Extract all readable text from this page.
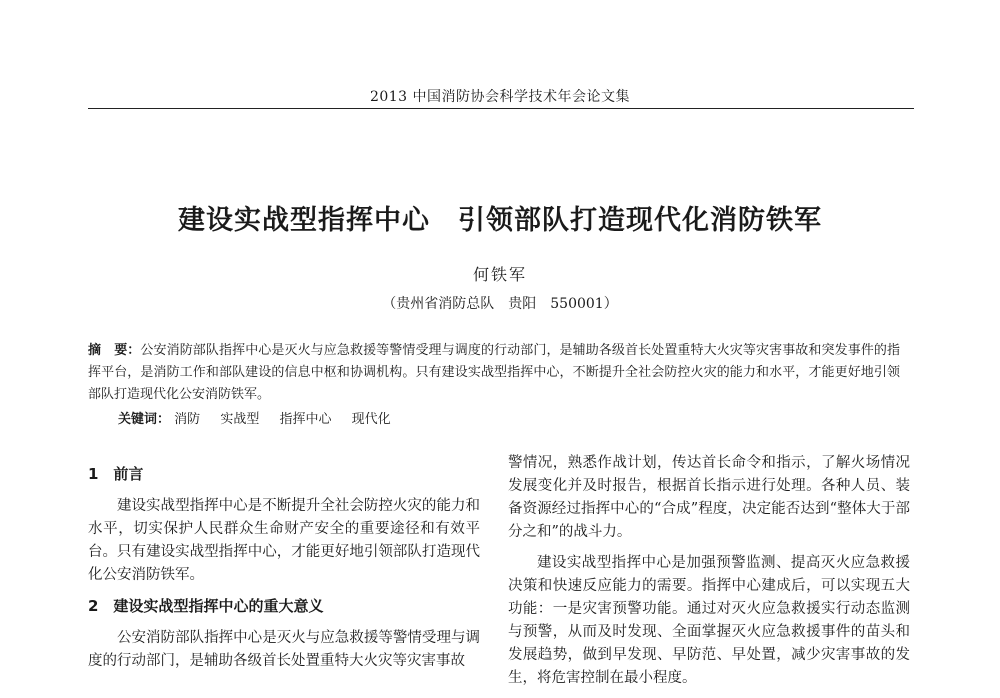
2013 中国消防协会科学技术年会论文集
建设实战型指挥中心　引领部队打造现代化消防铁军
何铁军
（贵州省消防总队　贵阳　550001）
摘　要：公安消防部队指挥中心是灭火与应急救援等警情受理与调度的行动部门，是辅助各级首长处置重特大火灾等灾害事故和突发事件的指挥平台，是消防工作和部队建设的信息中枢和协调机构。只有建设实战型指挥中心，不断提升全社会防控火灾的能力和水平，才能更好地引领部队打造现代化公安消防铁军。
关键词： 消防 实战型 指挥中心 现代化
1　前言

建设实战型指挥中心是不断提升全社会防控火灾的能力和水平，切实保护人民群众生命财产安全的重要途径和有效平台。只有建设实战型指挥中心，才能更好地引领部队打造现代化公安消防铁军。

2　建设实战型指挥中心的重大意义

公安消防部队指挥中心是灭火与应急救援等警情受理与调度的行动部门，是辅助各级首长处置重特大火灾等灾害事故

警情况，熟悉作战计划，传达首长命令和指示，了解火场情况发展变化并及时报告，根据首长指示进行处理。各种人员、装备资源经过指挥中心的“合成”程度，决定能否达到“整体大于部分之和”的战斗力。

建设实战型指挥中心是加强预警监测、提高灭火应急救援决策和快速反应能力的需要。指挥中心建成后，可以实现五大功能：一是灾害预警功能。通过对灭火应急救援实行动态监测与预警，从而及时发现、全面掌握灭火应急救援事件的苗头和发展趋势，做到早发现、早防范、早处置，减少灾害事故的发生，将危害控制在最小程度。
